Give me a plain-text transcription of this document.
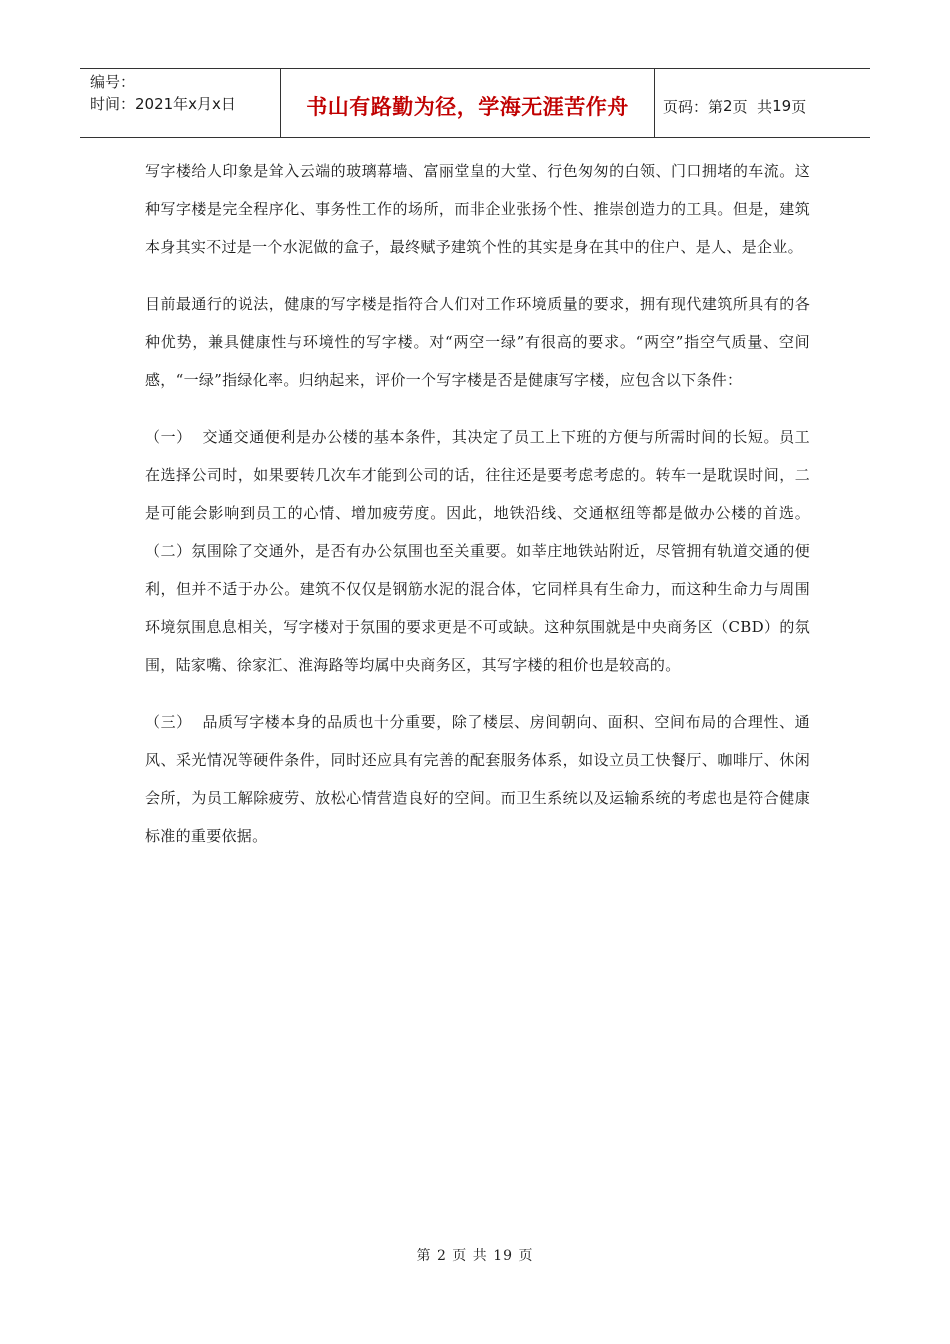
编号：
时间：2021年x月x日	书山有路勤为径，学海无涯苦作舟 页码：第 2 页  共 19 页

写字楼给人印象是耸入云端的玻璃幕墙、富丽堂皇的大堂、行色匆匆的白领、门口拥堵的车流。这种写字楼是完全程序化、事务性工作的场所，而非企业张扬个性、推崇创造力的工具。但是，建筑本身其实不过是一个水泥做的盒子，最终赋予建筑个性的其实是身在其中的住户、是人、是企业。

目前最通行的说法，健康的写字楼是指符合人们对工作环境质量的要求，拥有现代建筑所具有的各种优势，兼具健康性与环境性的写字楼。对“两空一绿”有很高的要求。“两空”指空气质量、空间感，“一绿”指绿化率。归纳起来，评价一个写字楼是否是健康写字楼，应包含以下条件：

（一）  交通交通便利是办公楼的基本条件，其决定了员工上下班的方便与所需时间的长短。员工在选择公司时，如果要转几次车才能到公司的话，往往还是要考虑考虑的。转车一是耽误时间，二是可能会影响到员工的心情、增加疲劳度。因此，地铁沿线、交通枢纽等都是做办公楼的首选。（二）氛围除了交通外，是否有办公氛围也至关重要。如莘庄地铁站附近，尽管拥有轨道交通的便利，但并不适于办公。建筑不仅仅是钢筋水泥的混合体，它同样具有生命力，而这种生命力与周围环境氛围息息相关，写字楼对于氛围的要求更是不可或缺。这种氛围就是中央商务区（CBD）的氛围，陆家嘴、徐家汇、淮海路等均属中央商务区，其写字楼的租价也是较高的。

（三）  品质写字楼本身的品质也十分重要，除了楼层、房间朝向、面积、空间布局的合理性、通风、采光情况等硬件条件，同时还应具有完善的配套服务体系，如设立员工快餐厅、咖啡厅、休闲会所，为员工解除疲劳、放松心情营造良好的空间。而卫生系统以及运输系统的考虑也是符合健康标准的重要依据。

第 2 页 共 19 页
